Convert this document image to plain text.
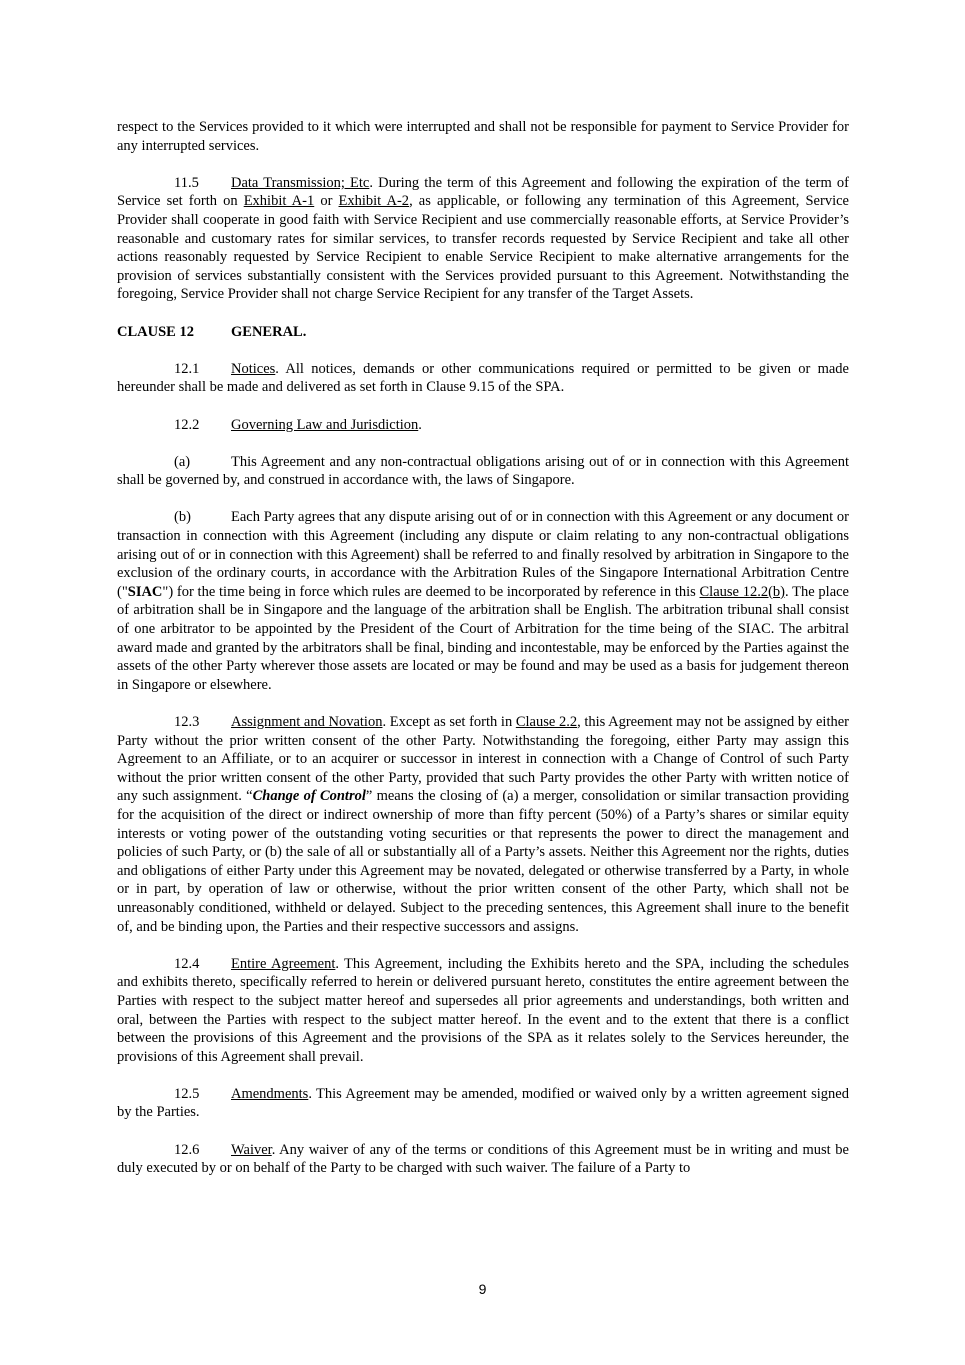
respect to the Services provided to it which were interrupted and shall not be responsible for payment to Service Provider for any interrupted services.

11.5 Data Transmission; Etc. During the term of this Agreement and following the expiration of the term of Service set forth on Exhibit A-1 or Exhibit A-2, as applicable, or following any termination of this Agreement, Service Provider shall cooperate in good faith with Service Recipient and use commercially reasonable efforts, at Service Provider’s reasonable and customary rates for similar services, to transfer records requested by Service Recipient and take all other actions reasonably requested by Service Recipient to enable Service Recipient to make alternative arrangements for the provision of services substantially consistent with the Services provided pursuant to this Agreement. Notwithstanding the foregoing, Service Provider shall not charge Service Recipient for any transfer of the Target Assets.

CLAUSE 12	GENERAL.

12.1 Notices. All notices, demands or other communications required or permitted to be given or made hereunder shall be made and delivered as set forth in Clause 9.15 of the SPA.

12.2 Governing Law and Jurisdiction.

(a)	This Agreement and any non-contractual obligations arising out of or in connection with this Agreement shall be governed by, and construed in accordance with, the laws of Singapore.

(b)	Each Party agrees that any dispute arising out of or in connection with this Agreement or any document or transaction in connection with this Agreement (including any dispute or claim relating to any non-contractual obligations arising out of or in connection with this Agreement) shall be referred to and finally resolved by arbitration in Singapore to the exclusion of the ordinary courts, in accordance with the Arbitration Rules of the Singapore International Arbitration Centre ("SIAC") for the time being in force which rules are deemed to be incorporated by reference in this Clause 12.2(b). The place of arbitration shall be in Singapore and the language of the arbitration shall be English. The arbitration tribunal shall consist of one arbitrator to be appointed by the President of the Court of Arbitration for the time being of the SIAC. The arbitral award made and granted by the arbitrators shall be final, binding and incontestable, may be enforced by the Parties against the assets of the other Party wherever those assets are located or may be found and may be used as a basis for judgement thereon in Singapore or elsewhere.

12.3 Assignment and Novation. Except as set forth in Clause 2.2, this Agreement may not be assigned by either Party without the prior written consent of the other Party. Notwithstanding the foregoing, either Party may assign this Agreement to an Affiliate, or to an acquirer or successor in interest in connection with a Change of Control of such Party without the prior written consent of the other Party, provided that such Party provides the other Party with written notice of any such assignment. “Change of Control” means the closing of (a) a merger, consolidation or similar transaction providing for the acquisition of the direct or indirect ownership of more than fifty percent (50%) of a Party’s shares or similar equity interests or voting power of the outstanding voting securities or that represents the power to direct the management and policies of such Party, or (b) the sale of all or substantially all of a Party’s assets. Neither this Agreement nor the rights, duties and obligations of either Party under this Agreement may be novated, delegated or otherwise transferred by a Party, in whole or in part, by operation of law or otherwise, without the prior written consent of the other Party, which shall not be unreasonably conditioned, withheld or delayed. Subject to the preceding sentences, this Agreement shall inure to the benefit of, and be binding upon, the Parties and their respective successors and assigns.

12.4 Entire Agreement. This Agreement, including the Exhibits hereto and the SPA, including the schedules and exhibits thereto, specifically referred to herein or delivered pursuant hereto, constitutes the entire agreement between the Parties with respect to the subject matter hereof and supersedes all prior agreements and understandings, both written and oral, between the Parties with respect to the subject matter hereof. In the event and to the extent that there is a conflict between the provisions of this Agreement and the provisions of the SPA as it relates solely to the Services hereunder, the provisions of this Agreement shall prevail.

12.5 Amendments. This Agreement may be amended, modified or waived only by a written agreement signed by the Parties.

12.6 Waiver. Any waiver of any of the terms or conditions of this Agreement must be in writing and must be duly executed by or on behalf of the Party to be charged with such waiver. The failure of a Party to

9
